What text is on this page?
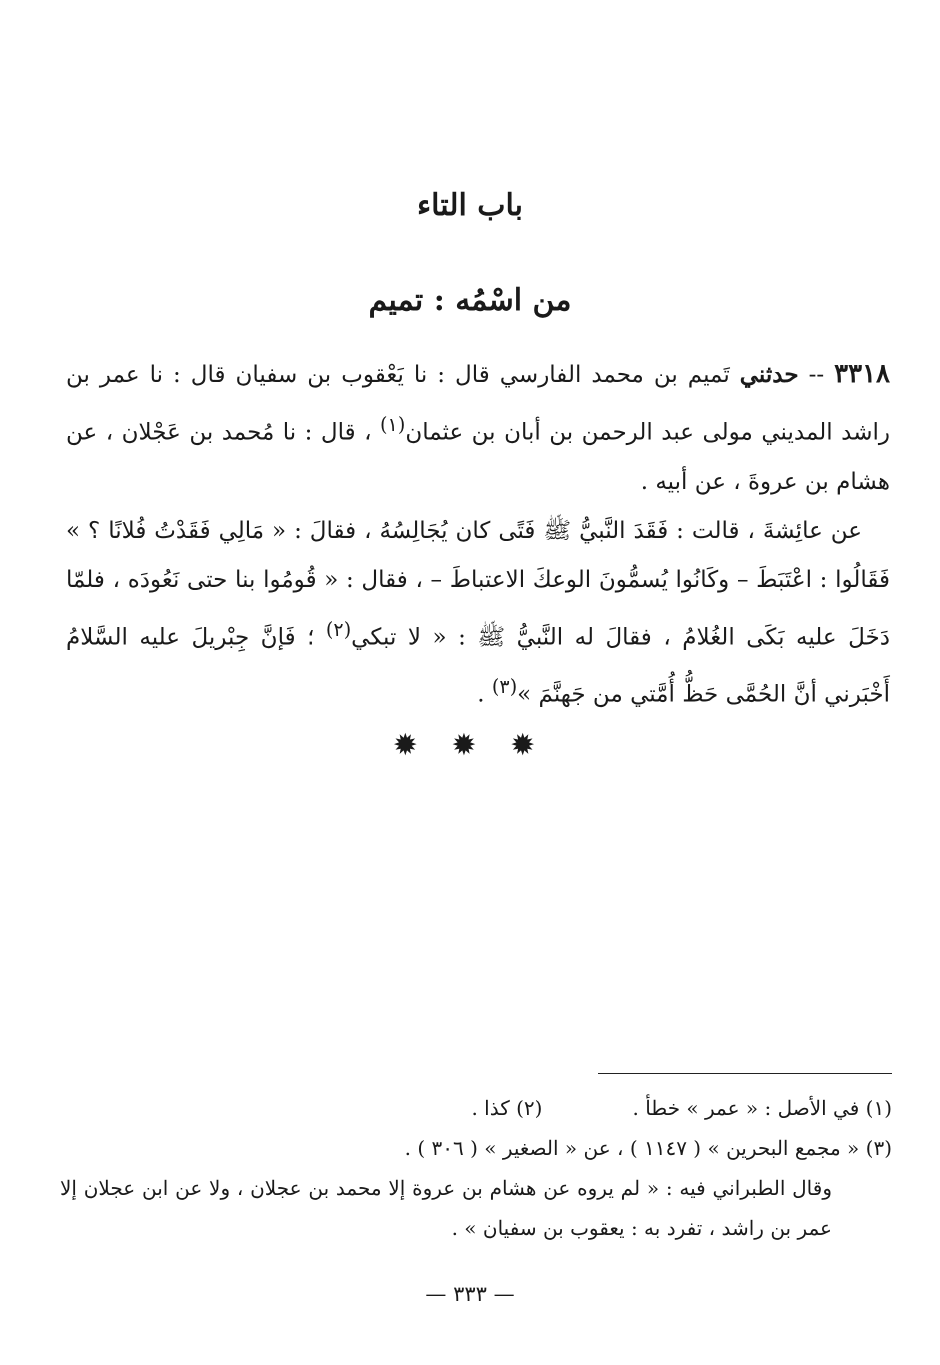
باب التاء
من اسْمُه : تميم

٣٣١٨ -- حدثني تَميم بن محمد الفارسي قال : نا يَعْقوب بن سفيان قال : نا عمر بن راشد المديني مولى عبد الرحمن بن أبان بن عثمان$^{(١)}$ ، قال : نا مُحمد بن عَجْلان ، عن هشام بن عروةَ ، عن أبيه .

عن عائِشةَ ، قالت : فَقَدَ النَّبيُّ ﷺ فَتًى كان يُجَالِسُهُ ، فقالَ : « مَالِي فَقَدْتُ فُلانًا ؟ » فَقَالُوا : اعْتَبَطَ – وكَانُوا يُسمُّونَ الوعكَ الاعتباطَ – ، فقال : « قُومُوا بنا حتى نَعُودَه ، فلمّا دَخَلَ عليه بَكَى الغُلامُ ، فقالَ له النَّبيُّ ﷺ : « لا تبكي$^{(٢)}$ ؛ فَإنَّ جِبْريلَ عليه السَّلامُ أَخْبَرني أنَّ الحُمَّى حَظُّ أُمَّتي من جَهنَّمَ »$^{(٣)}$ .

✹ ✹ ✹
(١) في الأصل : « عمر » خطأ .
(٢) كذا .
(٣) « مجمع البحرين » ( ١١٤٧ ) ، عن « الصغير » ( ٣٠٦ ) .
وقال الطبراني فيه : « لم يروه عن هشام بن عروة إلا محمد بن عجلان ، ولا عن ابن عجلان إلا عمر بن راشد ، تفرد به : يعقوب بن سفيان » .
— ٣٣٣ —
